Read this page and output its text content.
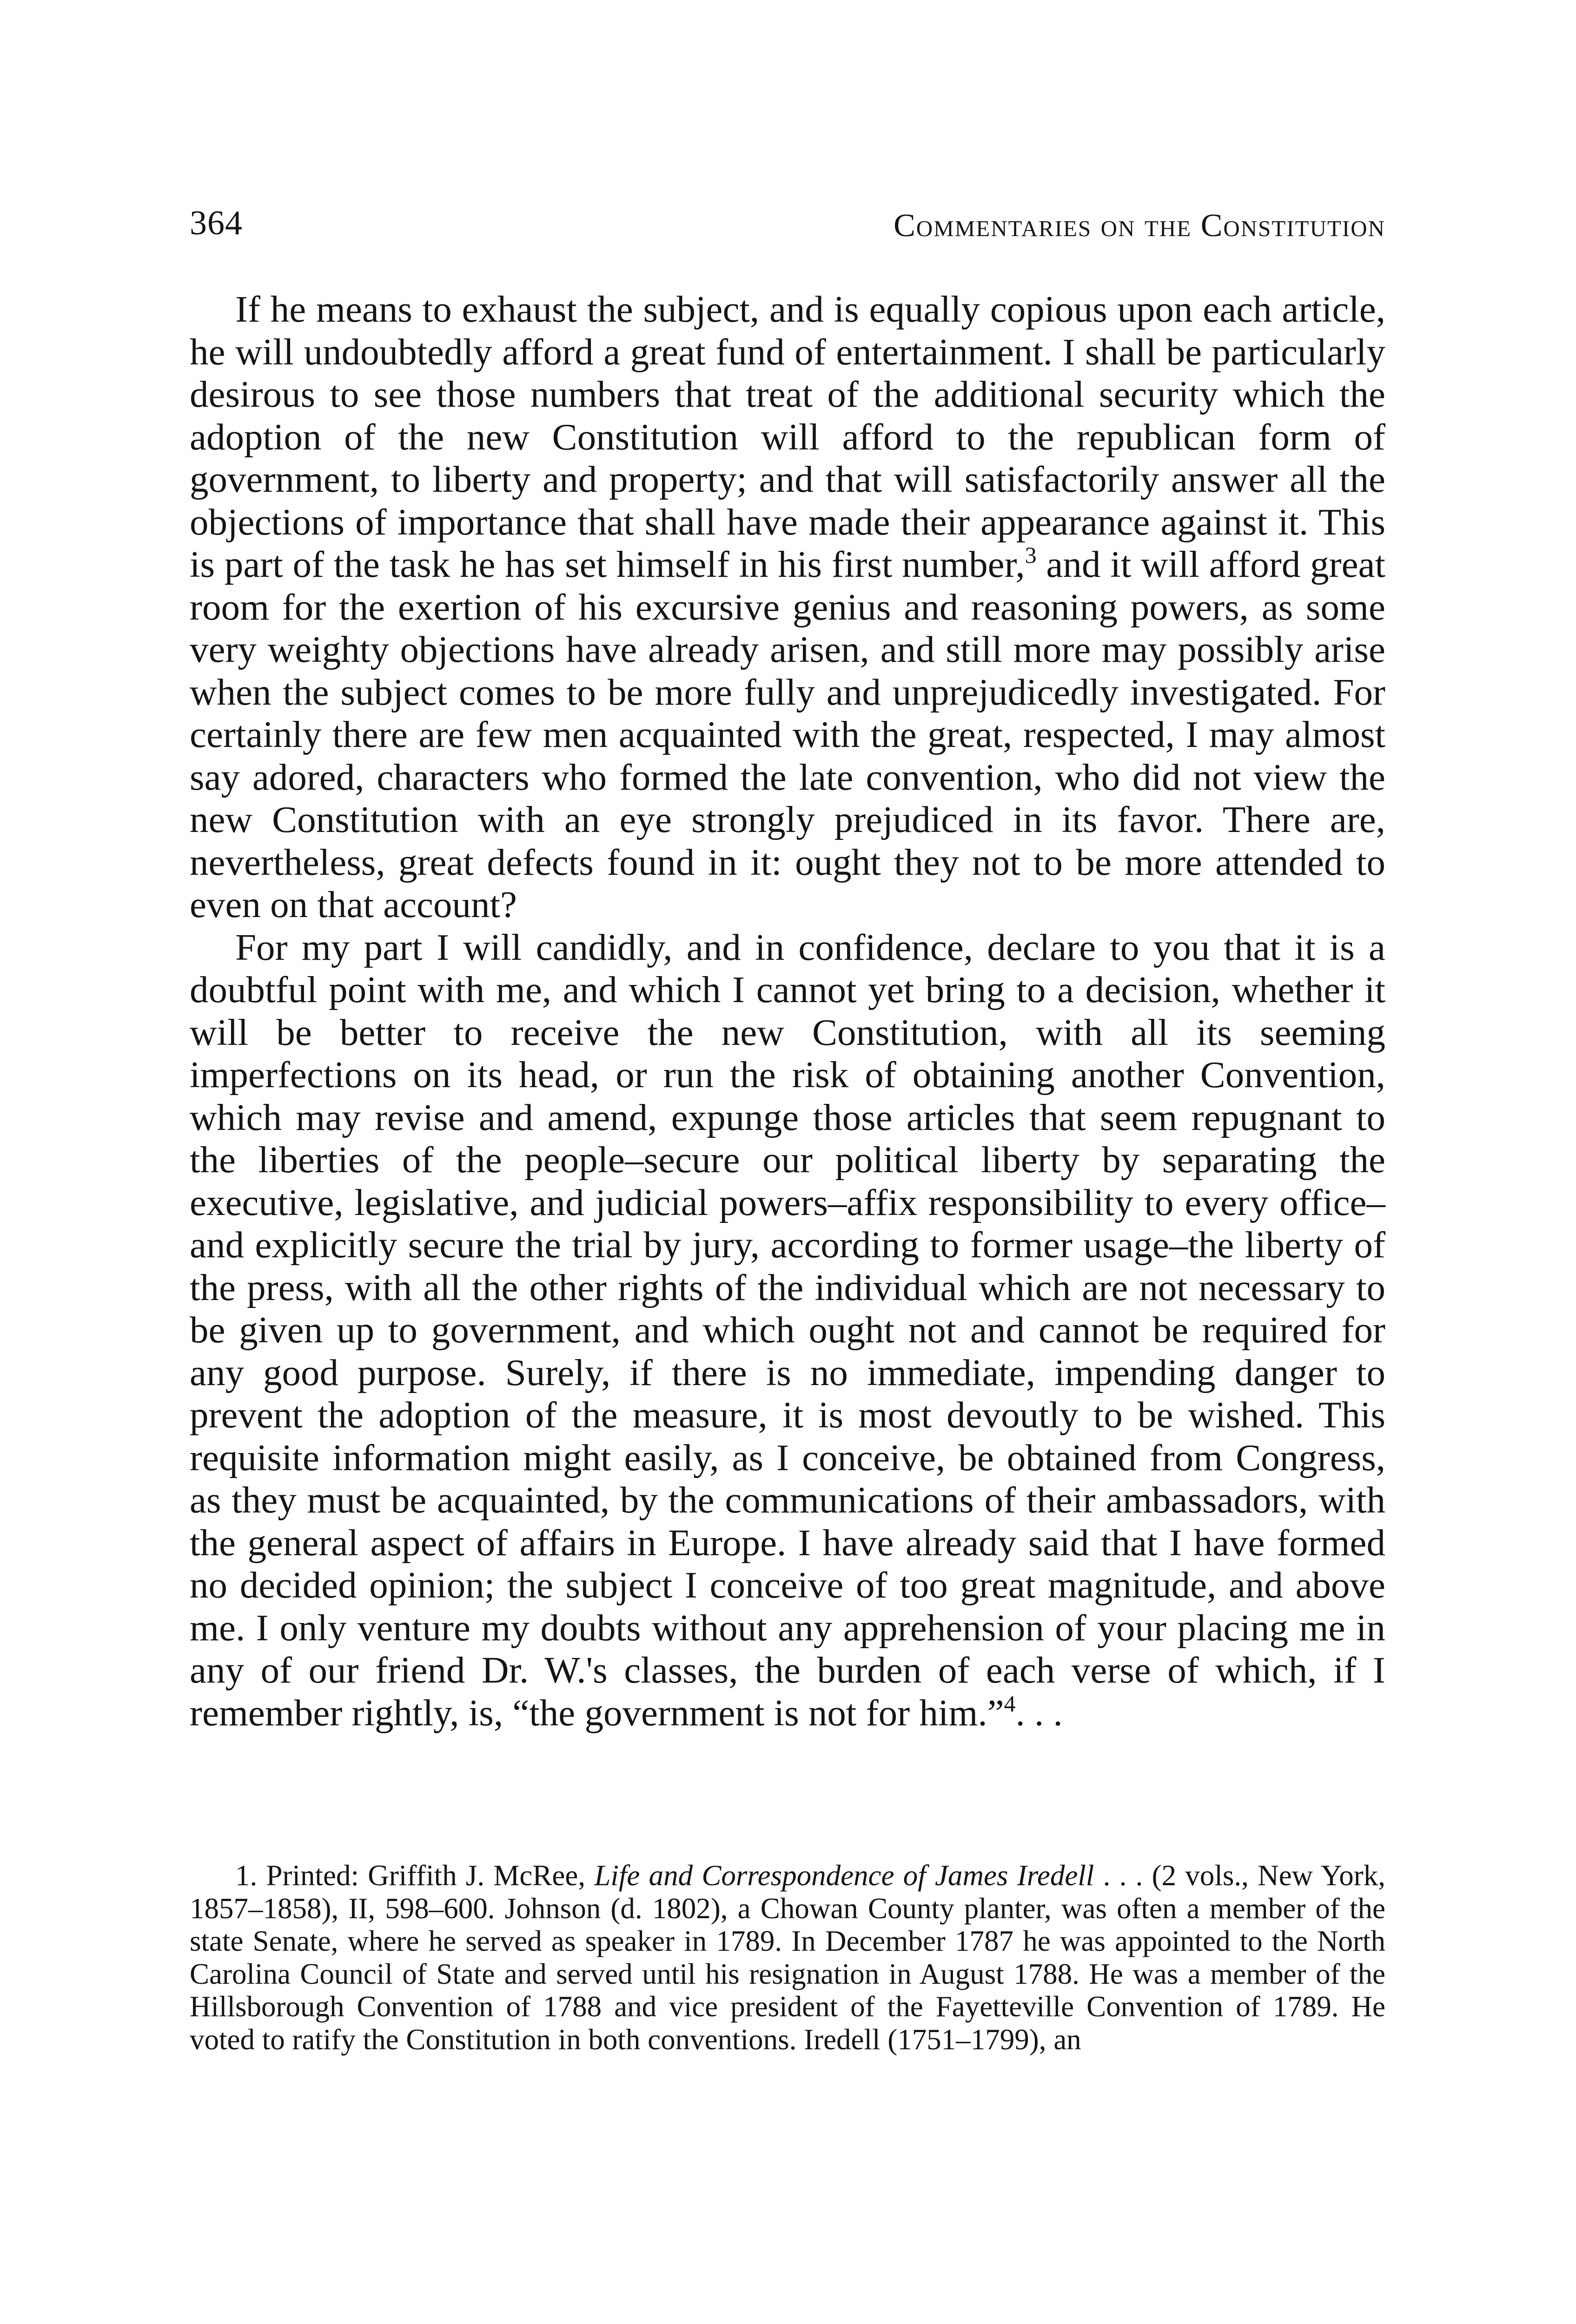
364	Commentaries on the Constitution

If he means to exhaust the subject, and is equally copious upon each article, he will undoubtedly afford a great fund of entertainment. I shall be particularly desirous to see those numbers that treat of the additional security which the adoption of the new Constitution will afford to the republican form of government, to liberty and property; and that will satisfactorily answer all the objections of importance that shall have made their appearance against it. This is part of the task he has set himself in his first number,$^3$ and it will afford great room for the exertion of his excursive genius and reasoning powers, as some very weighty objections have already arisen, and still more may possibly arise when the subject comes to be more fully and unprejudicedly investigated. For certainly there are few men acquainted with the great, respected, I may almost say adored, characters who formed the late convention, who did not view the new Constitution with an eye strongly prejudiced in its favor. There are, nevertheless, great defects found in it: ought they not to be more attended to even on that account?

For my part I will candidly, and in confidence, declare to you that it is a doubtful point with me, and which I cannot yet bring to a decision, whether it will be better to receive the new Constitution, with all its seeming imperfections on its head, or run the risk of obtaining another Convention, which may revise and amend, expunge those articles that seem repugnant to the liberties of the people–secure our political liberty by separating the executive, legislative, and judicial powers–affix responsibility to every office–and explicitly secure the trial by jury, according to former usage–the liberty of the press, with all the other rights of the individual which are not necessary to be given up to government, and which ought not and cannot be required for any good purpose. Surely, if there is no immediate, impending danger to prevent the adoption of the measure, it is most devoutly to be wished. This requisite information might easily, as I conceive, be obtained from Congress, as they must be acquainted, by the communications of their ambassadors, with the general aspect of affairs in Europe. I have already said that I have formed no decided opinion; the subject I conceive of too great magnitude, and above me. I only venture my doubts without any apprehension of your placing me in any of our friend Dr. W.'s classes, the burden of each verse of which, if I remember rightly, is, “the government is not for him.”$^4$. . .

1. Printed: Griffith J. McRee, Life and Correspondence of James Iredell . . . (2 vols., New York, 1857–1858), II, 598–600. Johnson (d. 1802), a Chowan County planter, was often a member of the state Senate, where he served as speaker in 1789. In December 1787 he was appointed to the North Carolina Council of State and served until his resignation in August 1788. He was a member of the Hillsborough Convention of 1788 and vice president of the Fayetteville Convention of 1789. He voted to ratify the Constitution in both conventions. Iredell (1751–1799), an
